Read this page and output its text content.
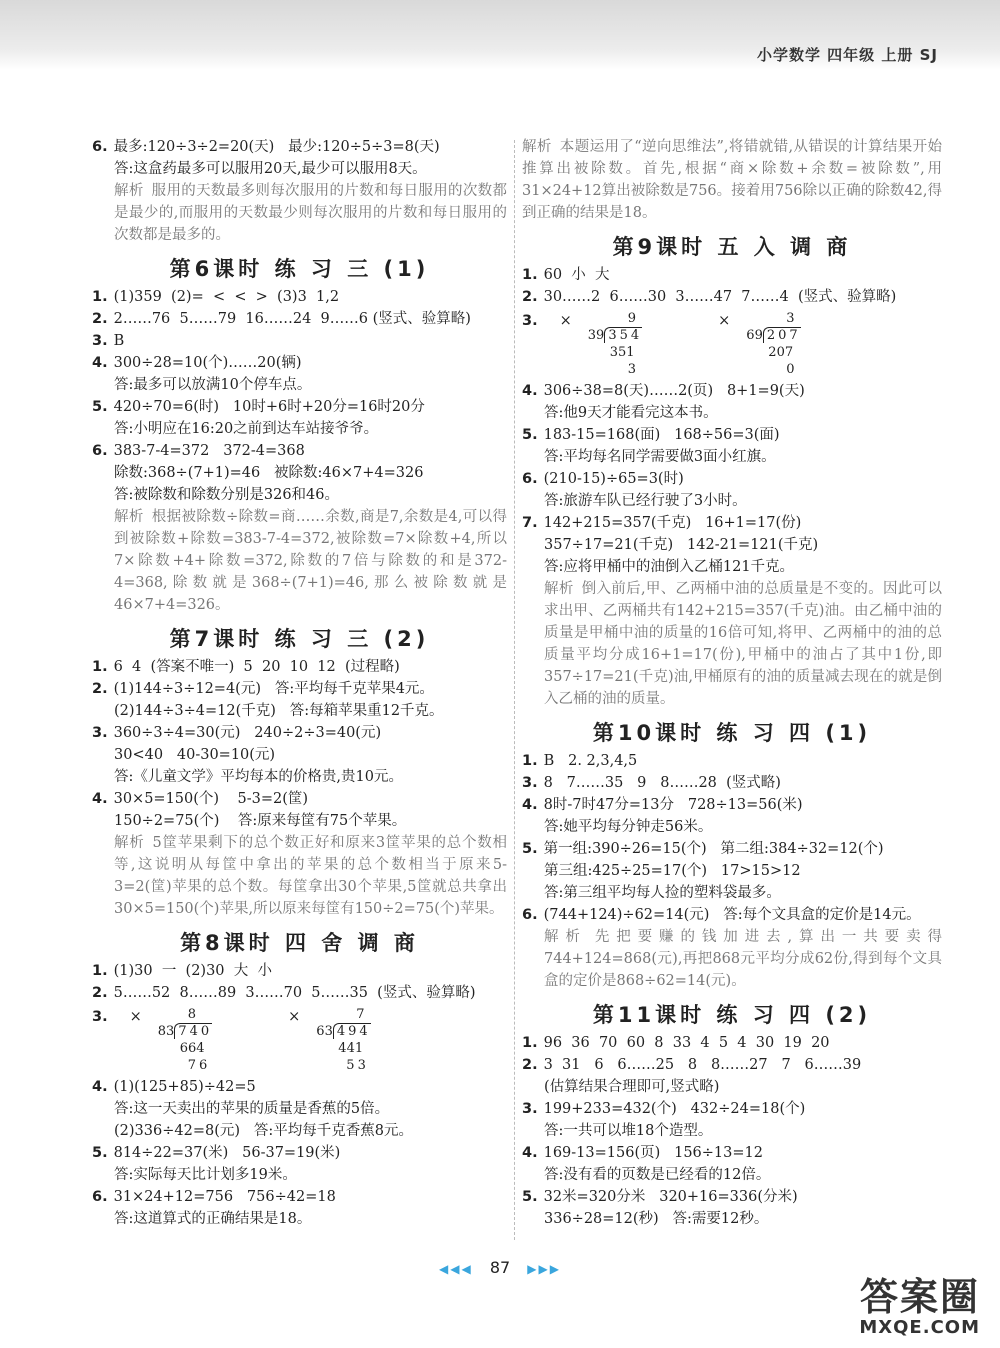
小学数学 四年级 上册 SJ
6. 最多:120÷3÷2=20(天)   最少:120÷5÷3=8(天)
答:这盒药最多可以服用20天,最少可以服用8天。
解析 服用的天数最多则每次服用的片数和每日服用的次数都是最少的,而服用的天数最少则每次服用的片数和每日服用的次数都是最多的。
第6课时 练 习 三 (1)
1. (1)359  (2)=  <  <  >  (3)3  1,2
2. 2……76  5……79  16……24  9……6 (竖式、验算略)
3. B
4. 300÷28=10(个)……20(辆)
答:最多可以放满10个停车点。
5. 420÷70=6(时)   10时+6时+20分=16时20分
答:小明应在16:20之前到达车站接爷爷。
6. 383-7-4=372   372-4=368
除数:368÷(7+1)=46   被除数:46×7+4=326
答:被除数和除数分别是326和46。
解析 根据被除数÷除数=商……余数,商是7,余数是4,可以得到被除数+除数=383-7-4=372,被除数=7×除数+4,所以7×除数+4+除数=372,除数的7倍与除数的和是372-4=368,除数就是368÷(7+1)=46,那么被除数就是46×7+4=326。
第7课时 练 习 三 (2)
1. 6  4  (答案不唯一)  5  20  10  12  (过程略)
2. (1)144÷3÷12=4(元)   答:平均每千克苹果4元。
(2)144÷3÷4=12(千克)   答:每箱苹果重12千克。
3. 360÷3÷4=30(元)   240÷2÷3=40(元)
30<40   40-30=10(元)
答:《儿童文学》平均每本的价格贵,贵10元。
4. 30×5=150(个)    5-3=2(筐)
150÷2=75(个)    答:原来每筐有75个苹果。
解析 5筐苹果剩下的总个数正好和原来3筐苹果的总个数相等,这说明从每筐中拿出的苹果的总个数相当于原来5-3=2(筐)苹果的总个数。每筐拿出30个苹果,5筐就总共拿出30×5=150(个)苹果,所以原来每筐有150÷2=75(个)苹果。
第8课时 四 舍 调 商
1. (1)30  一  (2)30  大  小
2. 5……52  8……89  3……70  5……35  (竖式、验算略)
3. ×	8
83 740
664
76
×	7
63 494
441
53
4. (1)(125+85)÷42=5
答:这一天卖出的苹果的质量是香蕉的5倍。
(2)336÷42=8(元)   答:平均每千克香蕉8元。
5. 814÷22=37(米)   56-37=19(米)
答:实际每天比计划多19米。
6. 31×24+12=756   756÷42=18
答:这道算式的正确结果是18。
解析 本题运用了“逆向思维法”,将错就错,从错误的计算结果开始推算出被除数。首先,根据“商×除数+余数=被除数”,用31×24+12算出被除数是756。接着用756除以正确的除数42,得到正确的结果是18。
第9课时 五 入 调 商
1. 60  小  大
2. 30……2  6……30  3……47  7……4  (竖式、验算略)
3. ×	9
39 354
351
3
×	3
69 207
207
0
4. 306÷38=8(天)……2(页)   8+1=9(天)
答:他9天才能看完这本书。
5. 183-15=168(面)   168÷56=3(面)
答:平均每名同学需要做3面小红旗。
6. (210-15)÷65=3(时)
答:旅游车队已经行驶了3小时。
7. 142+215=357(千克)   16+1=17(份)
357÷17=21(千克)   142-21=121(千克)
答:应将甲桶中的油倒入乙桶121千克。
解析 倒入前后,甲、乙两桶中油的总质量是不变的。因此可以求出甲、乙两桶共有142+215=357(千克)油。由乙桶中油的质量是甲桶中油的质量的16倍可知,将甲、乙两桶中的油的总质量平均分成16+1=17(份),甲桶中的油占了其中1份,即357÷17=21(千克)油,甲桶原有的油的质量减去现在的就是倒入乙桶的油的质量。
第10课时 练 习 四 (1)
1. B   2. 2,3,4,5
3. 8   7……35   9   8……28  (竖式略)
4. 8时-7时47分=13分   728÷13=56(米)
答:她平均每分钟走56米。
5. 第一组:390÷26=15(个)   第二组:384÷32=12(个)
第三组:425÷25=17(个)   17>15>12
答:第三组平均每人捡的塑料袋最多。
6. (744+124)÷62=14(元)   答:每个文具盒的定价是14元。
解析 先把要赚的钱加进去,算出一共要卖得744+124=868(元),再把868元平均分成62份,得到每个文具盒的定价是868÷62=14(元)。
第11课时 练 习 四 (2)
1. 96  36  70  60  8  33  4  5  4  30  19  20
2. 3  31   6   6……25   8   8……27   7   6……39
(估算结果合理即可,竖式略)
3. 199+233=432(个)   432÷24=18(个)
答:一共可以堆18个造型。
4. 169-13=156(页)   156÷13=12
答:没有看的页数是已经看的12倍。
5. 32米=320分米   320+16=336(分米)
336÷28=12(秒)   答:需要12秒。
◀◀◀ 87 ▶▶▶
答案圈
MXQE.COM
